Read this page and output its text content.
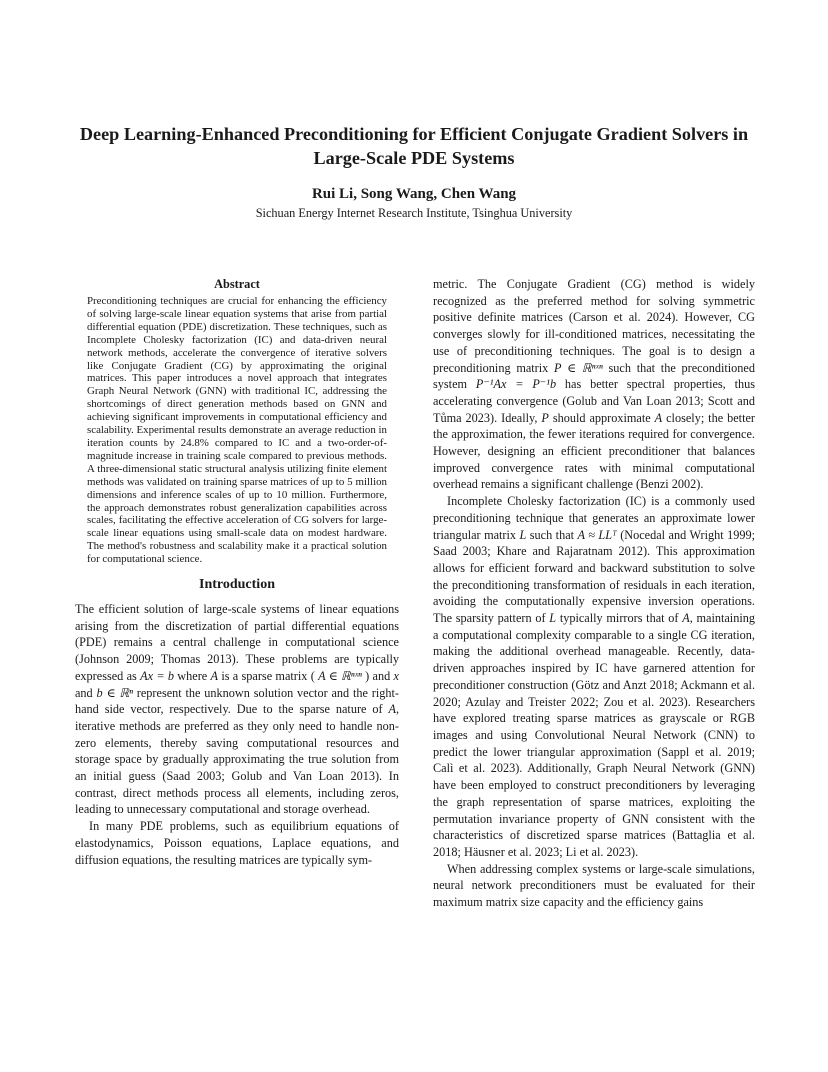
Deep Learning-Enhanced Preconditioning for Efficient Conjugate Gradient Solvers in Large-Scale PDE Systems
Rui Li, Song Wang, Chen Wang
Sichuan Energy Internet Research Institute, Tsinghua University
Abstract

Preconditioning techniques are crucial for enhancing the efficiency of solving large-scale linear equation systems that arise from partial differential equation (PDE) discretization. These techniques, such as Incomplete Cholesky factorization (IC) and data-driven neural network methods, accelerate the convergence of iterative solvers like Conjugate Gradient (CG) by approximating the original matrices. This paper introduces a novel approach that integrates Graph Neural Network (GNN) with traditional IC, addressing the shortcomings of direct generation methods based on GNN and achieving significant improvements in computational efficiency and scalability. Experimental results demonstrate an average reduction in iteration counts by 24.8% compared to IC and a two-order-of-magnitude increase in training scale compared to previous methods. A three-dimensional static structural analysis utilizing finite element methods was validated on training sparse matrices of up to 5 million dimensions and inference scales of up to 10 million. Furthermore, the approach demonstrates robust generalization capabilities across scales, facilitating the effective acceleration of CG solvers for large-scale linear equations using small-scale data on modest hardware. The method's robustness and scalability make it a practical solution for computational science.

Introduction

The efficient solution of large-scale systems of linear equations arising from the discretization of partial differential equations (PDE) remains a central challenge in computational science (Johnson 2009; Thomas 2013). These problems are typically expressed as Ax = b where A is a sparse matrix ( A ∈ ℝⁿˣⁿ ) and x and b ∈ ℝⁿ represent the unknown solution vector and the right-hand side vector, respectively. Due to the sparse nature of A, iterative methods are preferred as they only need to handle non-zero elements, thereby saving computational resources and storage space by gradually approximating the true solution from an initial guess (Saad 2003; Golub and Van Loan 2013). In contrast, direct methods process all elements, including zeros, leading to unnecessary computational and storage overhead.

In many PDE problems, such as equilibrium equations of elastodynamics, Poisson equations, Laplace equations, and diffusion equations, the resulting matrices are typically sym-

metric. The Conjugate Gradient (CG) method is widely recognized as the preferred method for solving symmetric positive definite matrices (Carson et al. 2024). However, CG converges slowly for ill-conditioned matrices, necessitating the use of preconditioning techniques. The goal is to design a preconditioning matrix P ∈ ℝⁿˣⁿ such that the preconditioned system P⁻¹Ax = P⁻¹b has better spectral properties, thus accelerating convergence (Golub and Van Loan 2013; Scott and Tůma 2023). Ideally, P should approximate A closely; the better the approximation, the fewer iterations required for convergence. However, designing an efficient preconditioner that balances improved convergence rates with minimal computational overhead remains a significant challenge (Benzi 2002).

Incomplete Cholesky factorization (IC) is a commonly used preconditioning technique that generates an approximate lower triangular matrix L such that A ≈ LLᵀ (Nocedal and Wright 1999; Saad 2003; Khare and Rajaratnam 2012). This approximation allows for efficient forward and backward substitution to solve the preconditioning transformation of residuals in each iteration, avoiding the computationally expensive inversion operations. The sparsity pattern of L typically mirrors that of A, maintaining a computational complexity comparable to a single CG iteration, making the additional overhead manageable. Recently, data-driven approaches inspired by IC have garnered attention for preconditioner construction (Götz and Anzt 2018; Ackmann et al. 2020; Azulay and Treister 2022; Zou et al. 2023). Researchers have explored treating sparse matrices as grayscale or RGB images and using Convolutional Neural Network (CNN) to predict the lower triangular approximation (Sappl et al. 2019; Calì et al. 2023). Additionally, Graph Neural Network (GNN) have been employed to construct preconditioners by leveraging the graph representation of sparse matrices, exploiting the permutation invariance property of GNN consistent with the characteristics of discretized sparse matrices (Battaglia et al. 2018; Häusner et al. 2023; Li et al. 2023).

When addressing complex systems or large-scale simulations, neural network preconditioners must be evaluated for their maximum matrix size capacity and the efficiency gains
